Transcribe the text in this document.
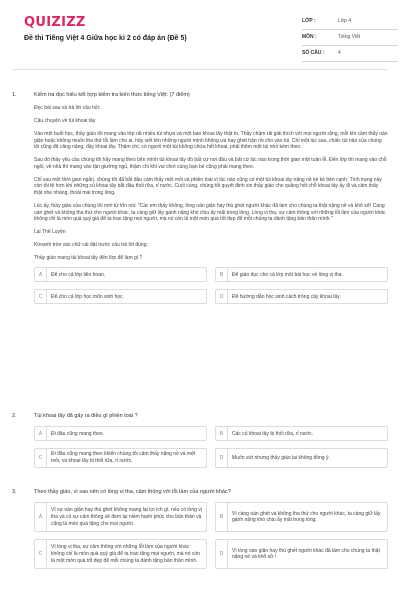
QUIZIZZ
Đề thi Tiếng Việt 4 Giữa học kì 2 có đáp án (Đề 5)
LỚP :	Lớp 4
MÔN :	Tiếng Việt
SỐ CÂU :	4
1.	Kiểm tra đọc hiểu kết hợp kiểm tra kiến thức tiếng Việt: (7 điểm)
Đọc bài sau và trả lời câu hỏi:
Cậu chuyện về túi khoai tây
Vào một buổi học, thầy giáo tôi mang vào lớp rất nhiều túi nhựa và một bao khoai tây thật to. Thầy chậm rãi giải thích với mọi người rằng, mỗi khi cảm thấy oán giận hoặc không muốn tha thứ lỗi lầm cho ai, hãy viết tên những người mình không ưa hay ghét hận rồi cho vào túi. Chỉ một lúc sau, chiếc túi nào của chúng tôi cũng đã căng nặng, đầy khoai tây. Thậm chí, có người một túi không chứa hết khoai, phải thêm một túi nhỏ kèm theo.
Sau đó thầy yêu cầu chúng tôi hãy mang theo bên mình túi khoai tây đó bất cứ nơi đâu và bất cứ lúc nào trong thời gian một tuần lễ. Đến lớp thì mang vào chỗ ngồi, về nhà thì mang vào tận giường ngủ, thậm chí khi vui chơi cùng bạn bè cũng phải mang theo.
Chỉ sau một thời gian ngắn, chúng tôi đã bắt đầu cảm thấy mệt mỏi và phiền toái vì lúc nào cũng có một túi khoai tây nặng nề kè kè bên cạnh. Tình trạng này còn tồi tệ hơn khi những củ khoai tây bắt đầu thối rữa, rỉ nước. Cuối cùng, chúng tôi quyết định xin thầy giáo cho quăng hết chỗ khoai tây ấy đi và cảm thấy thật nhẹ nhàng, thoải mái trong lòng.
Lúc ấy, thầy giáo của chúng tôi mới từ tốn nói: "Các em thấy không, lòng oán giận hay thù ghét người khác đã làm cho chúng ta thật nặng nề và khổ sở! Càng oán ghét và không tha thứ cho người khác, ta càng giữ lấy gánh nặng khó chịu ấy mãi trong lòng. Lòng vị tha, sự cảm thông với những lỗi lầm của người khác không chỉ là món quà quý giá để ta trao tặng mọi người, mà nó còn là một món quà tốt đẹp để mỗi chúng ta dành tặng bản thân mình."
Lại Thế Luyện
Khoanh tròn vào chữ cái đặt trước câu trả lời đúng:
Thầy giáo mang túi khoai tây đến lớp để làm gì ?
A	Để cho cả lớp liên hoan.	B	Để giáo dục cho cả lớp một bài học về lòng vị tha.
C	Để cho cả lớp học môn sinh học.	D	Để hướng dẫn học sinh cách trồng cây khoai tây.
2.	Túi khoai tây đã gây ra điều gì phiền toái ?
A	Đi đâu cũng mang theo.	B	Các củ khoai tây bị thối rữa, rỉ nước.
C
Đi đâu cũng mang theo khiến chúng tôi cảm thấy nặng nề và mệt mỏi, và khoai tây bị thối rữa, rỉ nước.
D	Muốn vứt nhưng thầy giáo lại không đồng ý.
3.	Theo thầy giáo, vì sao nên có lòng vị tha, cảm thông với lỗi lầm của người khác?
A
Vì sự oán giận hay thù ghét không mang lại lợi ích gì, nếu có lòng vị tha và có sự cảm thông sẽ đem lại niềm hạnh phúc cho bản thân và cũng là món quà tặng cho mọi người.
B
Vì càng oán ghét và không tha thứ cho người khác, ta càng giữ lấy gánh nặng khó chịu ấy mãi trong lòng.
C
Vì lòng vị tha, sự cảm thông với những lỗi lầm của người khác không chỉ là món quà quý giá để ta trao tặng mọi người, mà nó còn là một món quà tốt đẹp để mỗi chúng ta dành tặng bản thân mình.
D
Vì lòng oán giận hay thù ghét người khác đã làm cho chúng ta thật nặng nề và khổ sở !
